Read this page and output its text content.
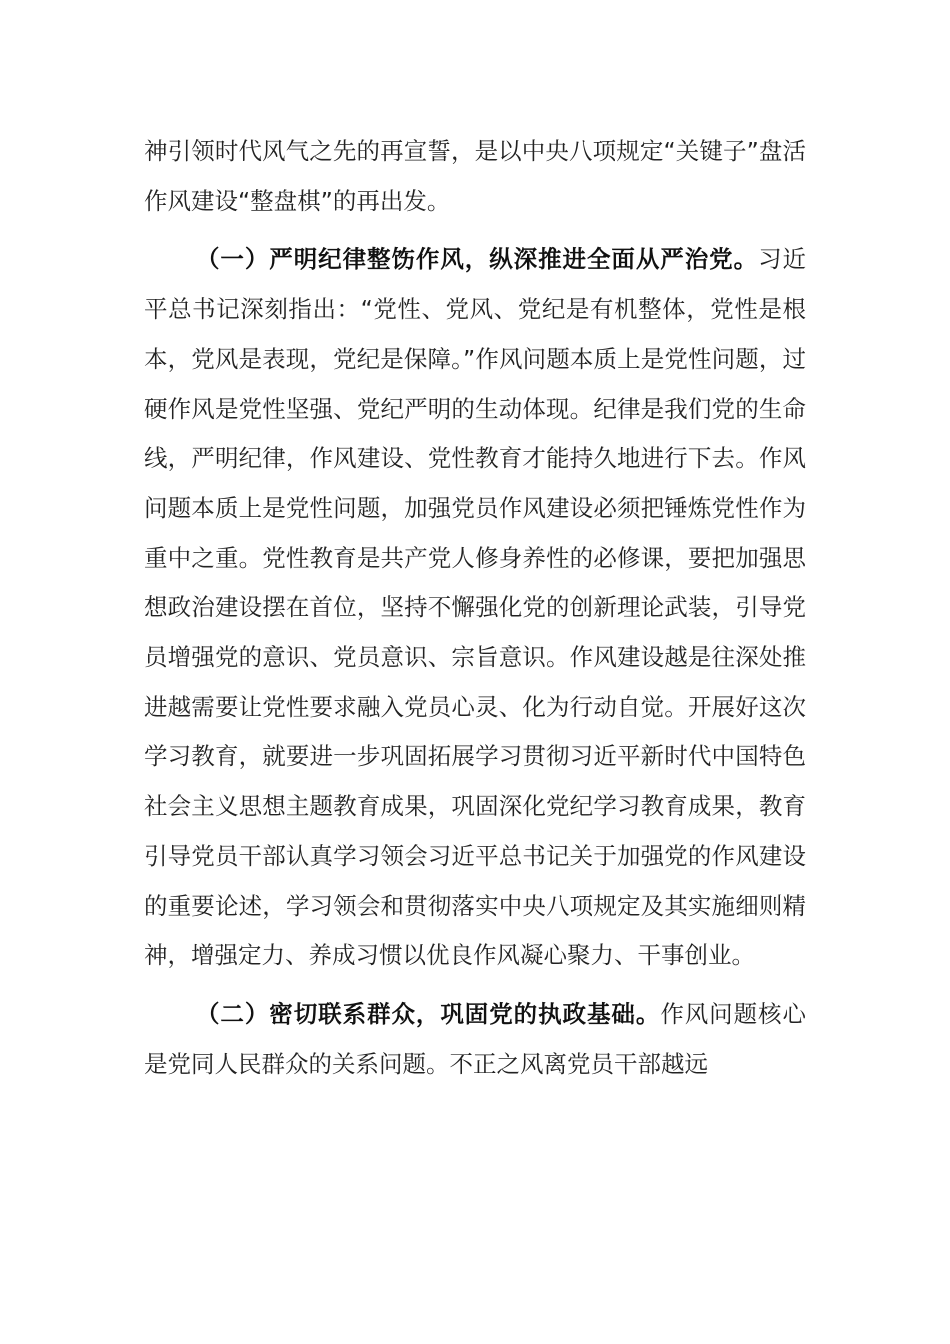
神引领时代风气之先的再宣誓，是以中央八项规定“关键子”盘活作风建设“整盘棋”的再出发。

（一）严明纪律整饬作风，纵深推进全面从严治党。习近平总书记深刻指出：“党性、党风、党纪是有机整体，党性是根本，党风是表现，党纪是保障。”作风问题本质上是党性问题，过硬作风是党性坚强、党纪严明的生动体现。纪律是我们党的生命线，严明纪律，作风建设、党性教育才能持久地进行下去。作风问题本质上是党性问题，加强党员作风建设必须把锤炼党性作为重中之重。党性教育是共产党人修身养性的必修课，要把加强思想政治建设摆在首位，坚持不懈强化党的创新理论武装，引导党员增强党的意识、党员意识、宗旨意识。作风建设越是往深处推进越需要让党性要求融入党员心灵、化为行动自觉。开展好这次学习教育，就要进一步巩固拓展学习贯彻习近平新时代中国特色社会主义思想主题教育成果，巩固深化党纪学习教育成果，教育引导党员干部认真学习领会习近平总书记关于加强党的作风建设的重要论述，学习领会和贯彻落实中央八项规定及其实施细则精神，增强定力、养成习惯以优良作风凝心聚力、干事创业。

（二）密切联系群众，巩固党的执政基础。作风问题核心是党同人民群众的关系问题。不正之风离党员干部越远
